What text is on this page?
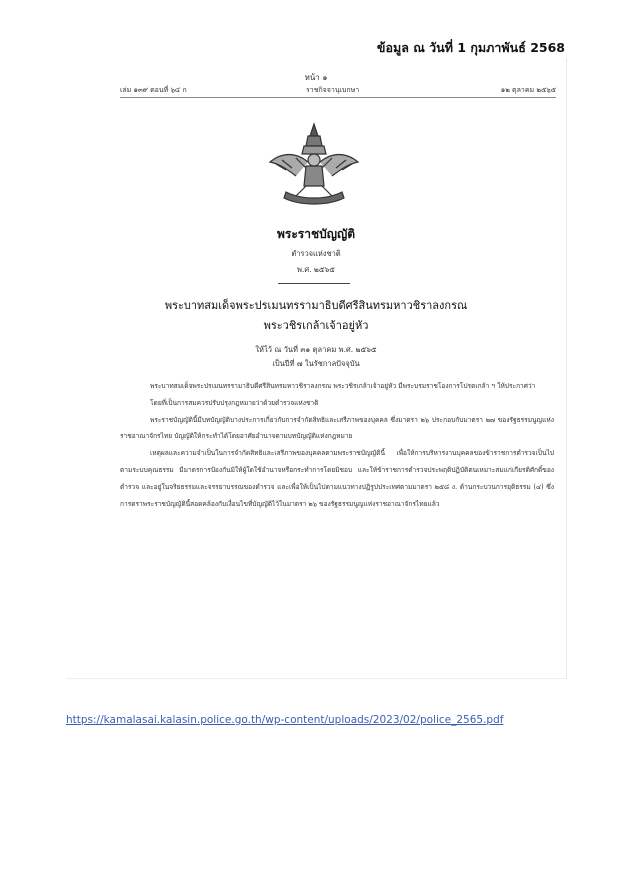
ข้อมูล ณ วันที่ 1 กุมภาพันธ์ 2568
หน้า ๑
เล่ม ๑๓๙ ตอนที่ ๖๔ ก	ราชกิจจานุเบกษา	๑๒ ตุลาคม ๒๕๖๕
พระราชบัญญัติ
ตำรวจแห่งชาติ
พ.ศ. ๒๕๖๕
พระบาทสมเด็จพระปรเมนทรรามาธิบดีศรีสินทรมหาวชิราลงกรณ
พระวชิรเกล้าเจ้าอยู่หัว
ให้ไว้ ณ วันที่ ๓๑ ตุลาคม พ.ศ. ๒๕๖๕
เป็นปีที่ ๗ ในรัชกาลปัจจุบัน

พระบาทสมเด็จพระปรเมนทรรามาธิบดีศรีสินทรมหาวชิราลงกรณ พระวชิรเกล้าเจ้าอยู่หัว มีพระบรมราชโองการโปรดเกล้า ฯ ให้ประกาศว่า

โดยที่เป็นการสมควรปรับปรุงกฎหมายว่าด้วยตำรวจแห่งชาติ

พระราชบัญญัตินี้มีบทบัญญัติบางประการเกี่ยวกับการจำกัดสิทธิและเสรีภาพของบุคคล ซึ่งมาตรา ๒๖ ประกอบกับมาตรา ๒๗ ของรัฐธรรมนูญแห่งราชอาณาจักรไทย บัญญัติให้กระทำได้โดยอาศัยอำนาจตามบทบัญญัติแห่งกฎหมาย

เหตุผลและความจำเป็นในการจำกัดสิทธิและเสรีภาพของบุคคลตามพระราชบัญญัตินี้ เพื่อให้การบริหารงานบุคคลของข้าราชการตำรวจเป็นไปตามระบบคุณธรรม มีมาตรการป้องกันมิให้ผู้ใดใช้อำนาจหรือกระทำการโดยมิชอบ และให้ข้าราชการตำรวจประพฤติปฏิบัติตนเหมาะสมแก่เกียรติศักดิ์ของตำรวจ และอยู่ในจริยธรรมและจรรยาบรรณของตำรวจ และเพื่อให้เป็นไปตามแนวทางปฏิรูปประเทศตามมาตรา ๒๕๘ ง. ด้านกระบวนการยุติธรรม (๔) ซึ่งการตราพระราชบัญญัตินี้สอดคล้องกับเงื่อนไขที่บัญญัติไว้ในมาตรา ๒๖ ของรัฐธรรมนูญแห่งราชอาณาจักรไทยแล้ว

https://kamalasai.kalasin.police.go.th/wp-content/uploads/2023/02/police_2565.pdf
